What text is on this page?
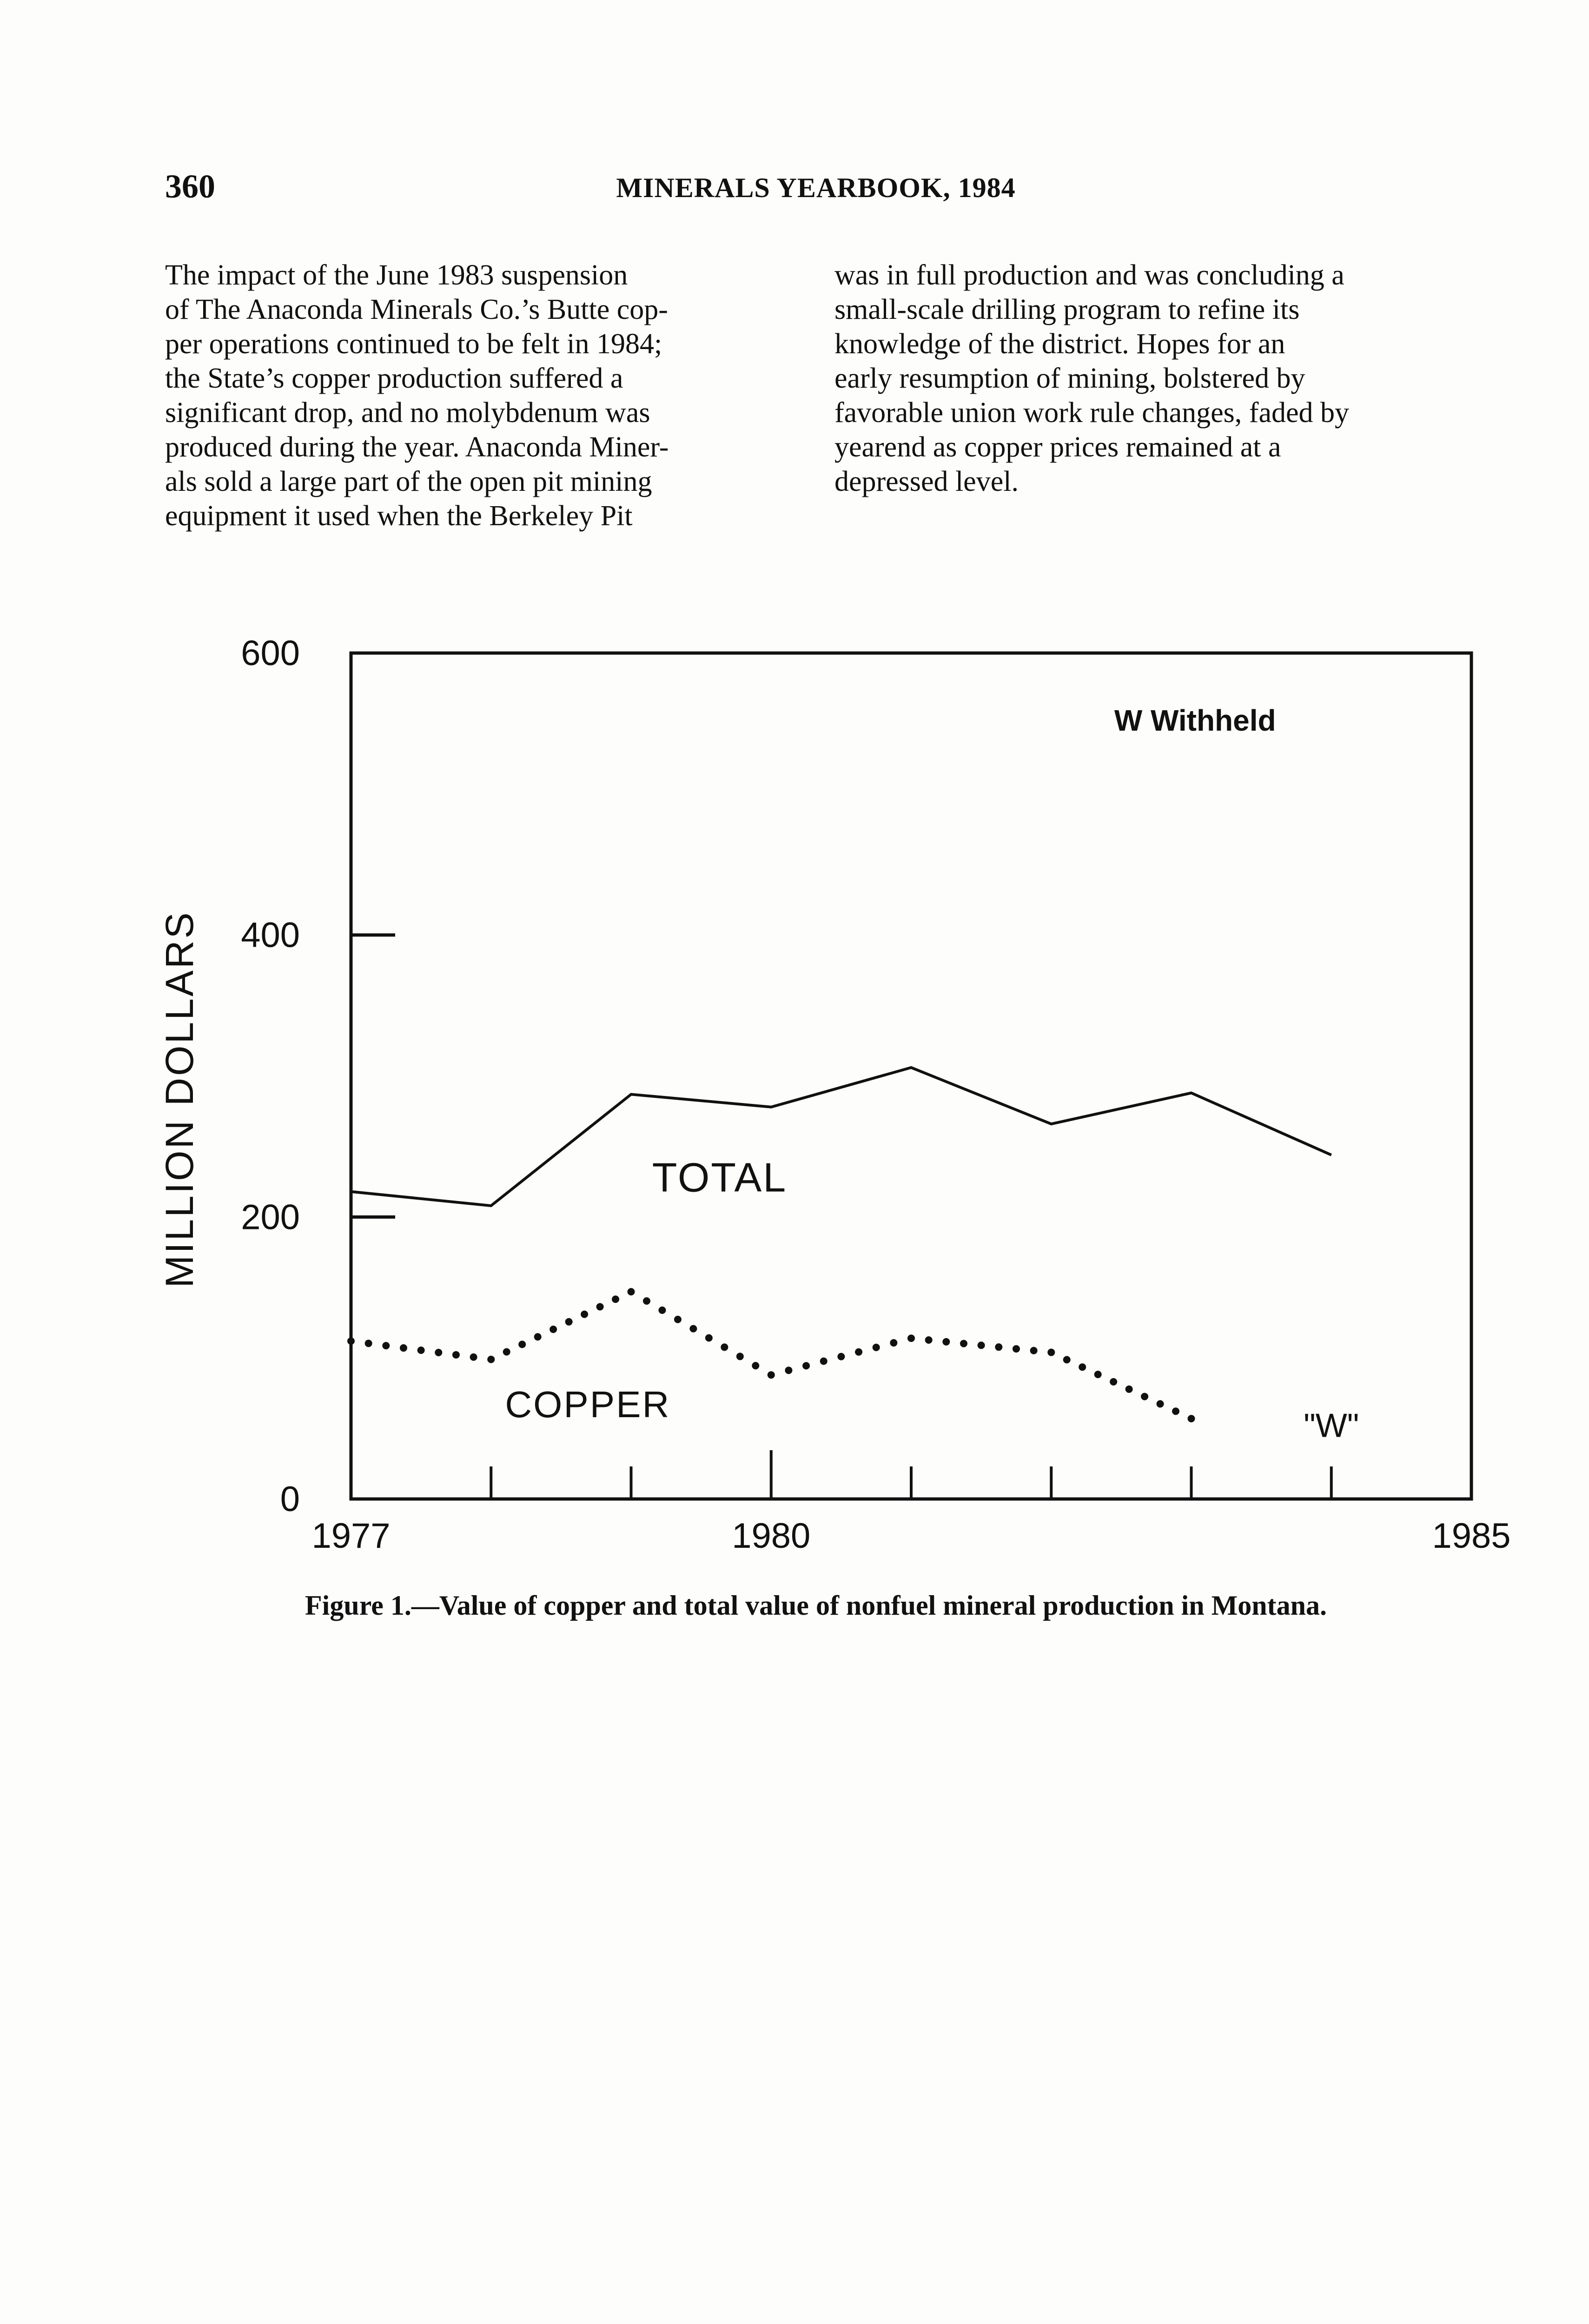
360	MINERALS YEARBOOK, 1984
The impact of the June 1983 suspension
of The Anaconda Minerals Co.’s Butte cop-
per operations continued to be felt in 1984;
the State’s copper production suffered a
significant drop, and no molybdenum was
produced during the year. Anaconda Miner-
als sold a large part of the open pit mining
equipment it used when the Berkeley Pit
was in full production and was concluding a
small-scale drilling program to refine its
knowledge of the district. Hopes for an
early resumption of mining, bolstered by
favorable union work rule changes, faded by
yearend as copper prices remained at a
depressed level.
0
200
400
600
MILLION DOLLARS
1977	1980	1985
TOTAL
COPPER
W Withheld
"W"
Figure 1.—Value of copper and total value of nonfuel mineral production in Montana.
